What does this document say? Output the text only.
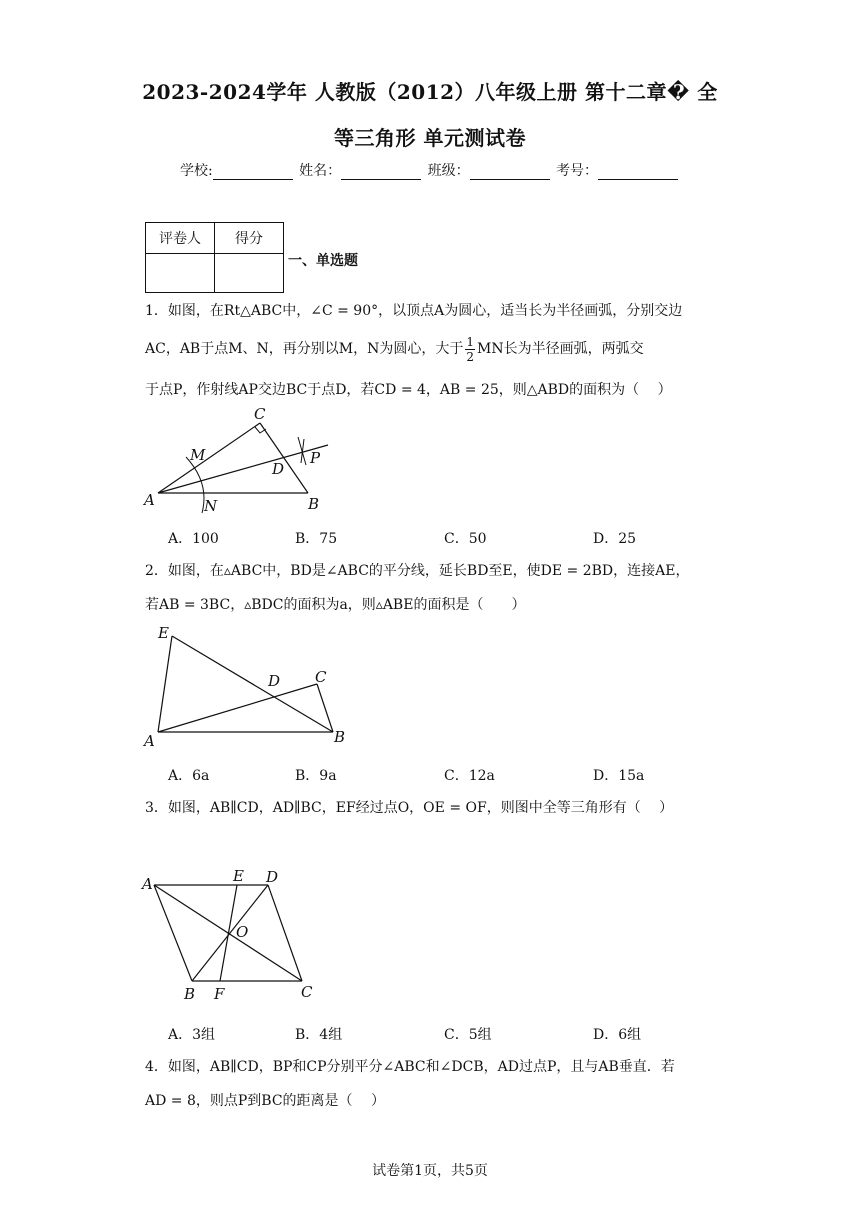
2023-2024学年 人教版（2012）八年级上册 第十二章� 全
等三角形 单元测试卷
学校:	姓名：	班级：	考号：
评卷人	得分

一、单选题
1．如图，在Rt△ABC中，∠C = 90°，以顶点A为圆心，适当长为半径画弧，分别交边
AC，AB于点M、N，再分别以M，N为圆心，大于 $\frac{1}{2}$ MN长为半径画弧，两弧交
于点P，作射线AP交边BC于点D，若CD = 4，AB = 25，则△ABD的面积为（　 ）
C
M
D
P
A	N	B
A．100	B．75	C．50	D．25
2．如图，在▵ABC中，BD是∠ABC的平分线，延长BD至E，使DE = 2BD，连接AE，
若AB = 3BC，▵BDC的面积为a，则▵ABE的面积是（　　）
E
D C
A	B
A．6a	B．9a	C．12a	D．15a
3．如图，AB∥CD，AD∥BC，EF经过点O，OE = OF，则图中全等三角形有（　 ）
A	E D
O
B F	C
A．3组	B．4组	C．5组	D．6组
4．如图，AB∥CD，BP和CP分别平分∠ABC和∠DCB，AD过点P，且与AB垂直．若
AD = 8，则点P到BC的距离是（　 ）
试卷第1页，共5页
